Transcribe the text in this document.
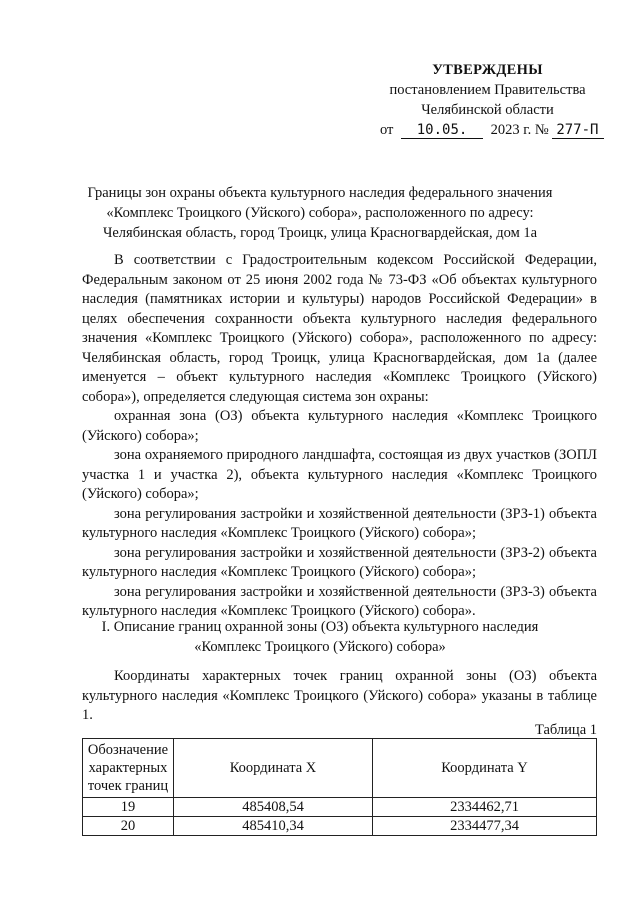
УТВЕРЖДЕНЫ
постановлением Правительства
Челябинской области
от 10.05. 2023 г. № 277-П
Границы зон охраны объекта культурного наследия федерального значения
«Комплекс Троицкого (Уйского) собора», расположенного по адресу:
Челябинская область, город Троицк, улица Красногвардейская, дом 1а

В соответствии с Градостроительным кодексом Российской Федерации, Федеральным законом от 25 июня 2002 года № 73-ФЗ «Об объектах культурного наследия (памятниках истории и культуры) народов Российской Федерации» в целях обеспечения сохранности объекта культурного наследия федерального значения «Комплекс Троицкого (Уйского) собора», расположенного по адресу: Челябинская область, город Троицк, улица Красногвардейская, дом 1а (далее именуется – объект культурного наследия «Комплекс Троицкого (Уйского) собора»), определяется следующая система зон охраны:

охранная зона (ОЗ) объекта культурного наследия «Комплекс Троицкого (Уйского) собора»;

зона охраняемого природного ландшафта, состоящая из двух участков (ЗОПЛ участка 1 и участка 2), объекта культурного наследия «Комплекс Троицкого (Уйского) собора»;

зона регулирования застройки и хозяйственной деятельности (ЗРЗ-1) объекта культурного наследия «Комплекс Троицкого (Уйского) собора»;

зона регулирования застройки и хозяйственной деятельности (ЗРЗ-2) объекта культурного наследия «Комплекс Троицкого (Уйского) собора»;

зона регулирования застройки и хозяйственной деятельности (ЗРЗ-3) объекта культурного наследия «Комплекс Троицкого (Уйского) собора».

I. Описание границ охранной зоны (ОЗ) объекта культурного наследия
«Комплекс Троицкого (Уйского) собора»

Координаты характерных точек границ охранной зоны (ОЗ) объекта культурного наследия «Комплекс Троицкого (Уйского) собора» указаны в таблице 1.

Таблица 1
Обозначение характерных точек границ	Координата X	Координата Y
19	485408,54	2334462,71
20	485410,34	2334477,34
